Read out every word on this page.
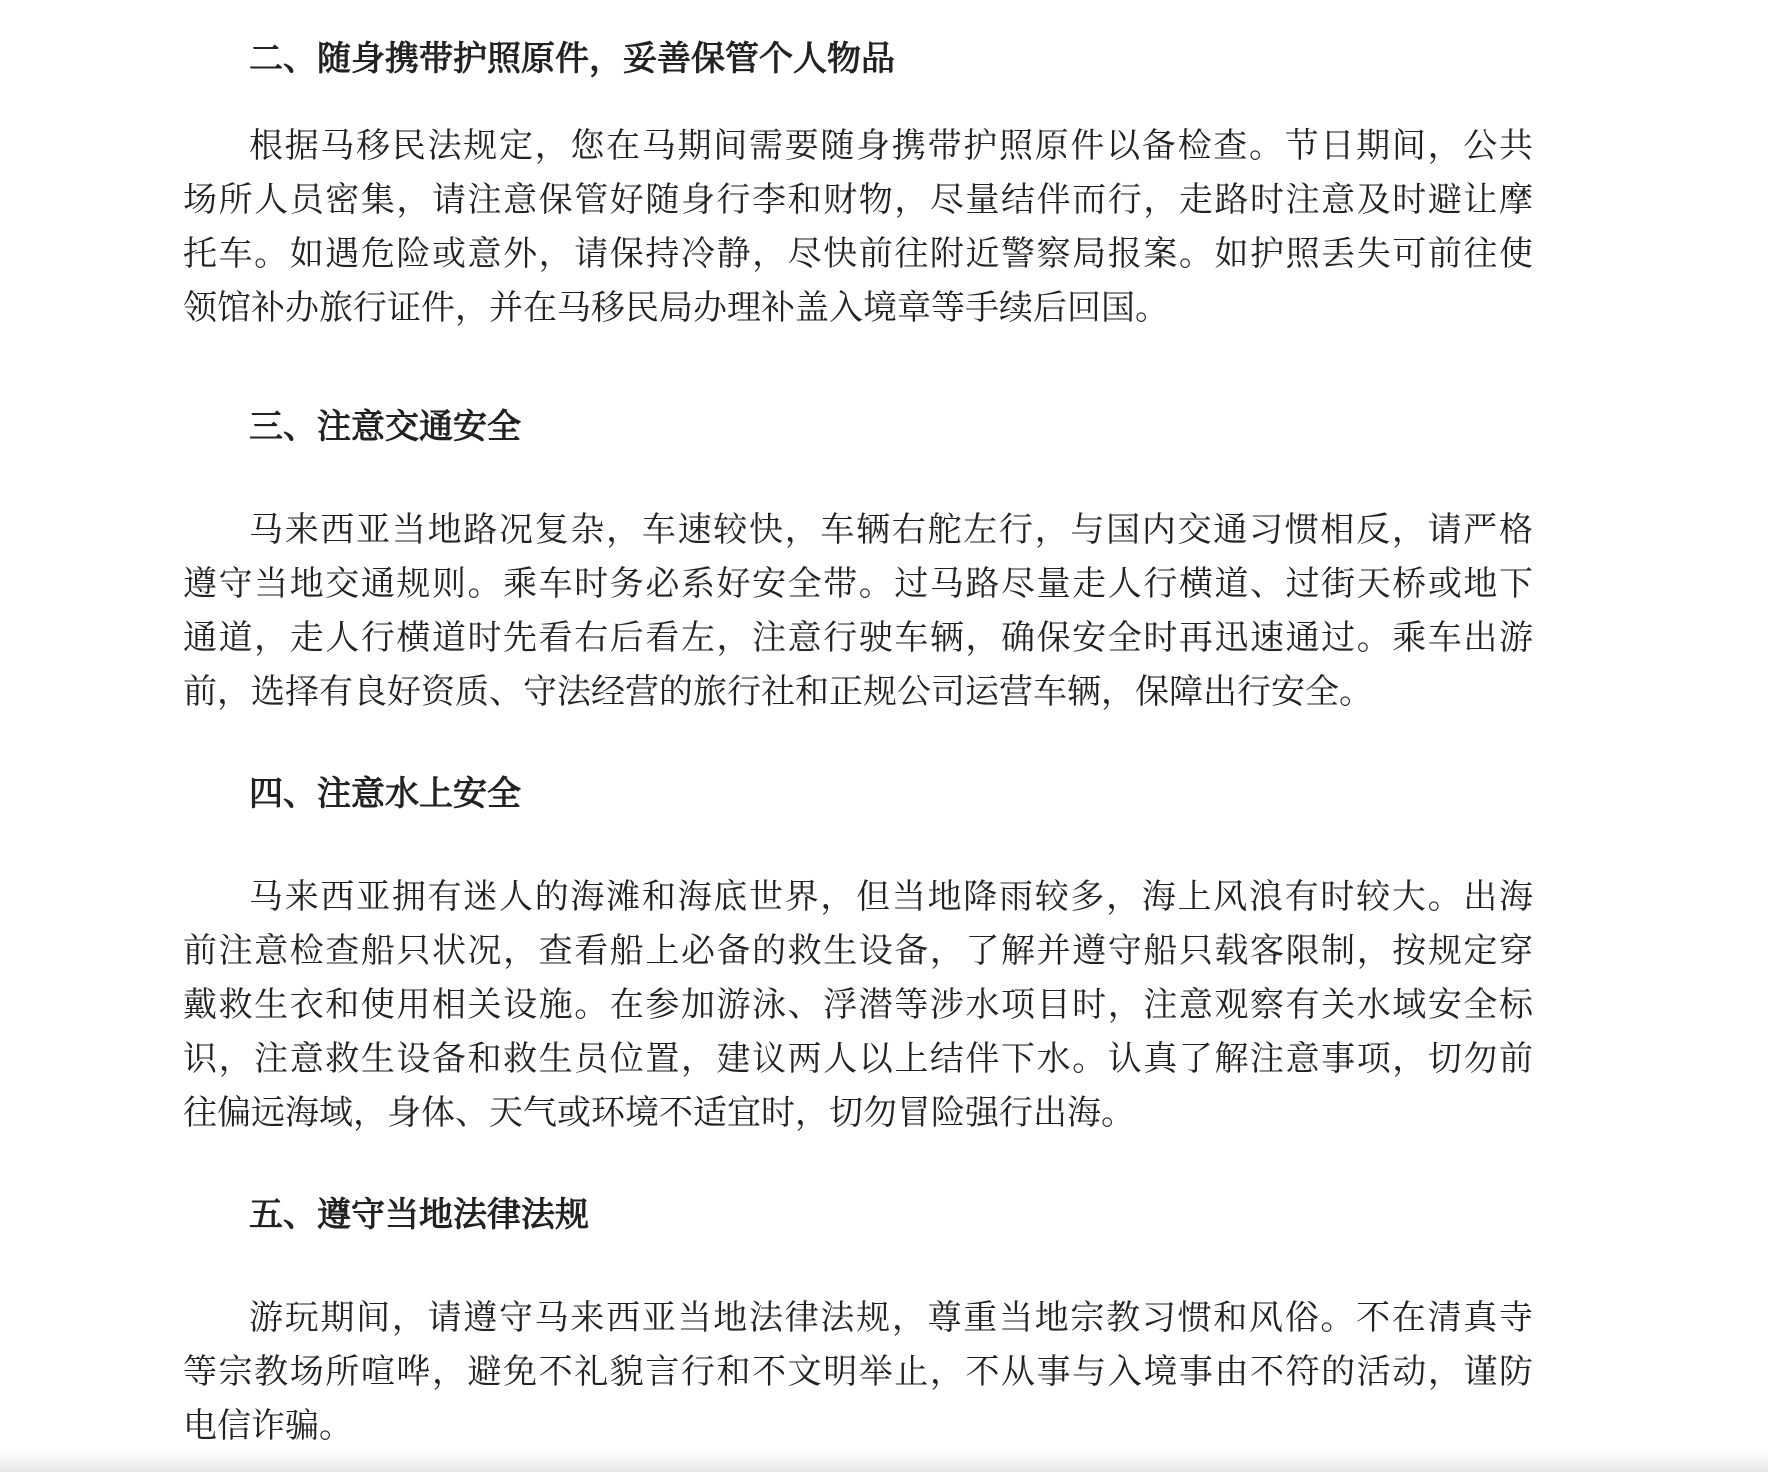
二、随身携带护照原件，妥善保管个人物品
根据马移民法规定，您在马期间需要随身携带护照原件以备检查。节日期间，公共
场所人员密集，请注意保管好随身行李和财物，尽量结伴而行，走路时注意及时避让摩
托车。如遇危险或意外，请保持冷静，尽快前往附近警察局报案。如护照丢失可前往使
领馆补办旅行证件，并在马移民局办理补盖入境章等手续后回国。
三、注意交通安全
马来西亚当地路况复杂，车速较快，车辆右舵左行，与国内交通习惯相反，请严格
遵守当地交通规则。乘车时务必系好安全带。过马路尽量走人行横道、过街天桥或地下
通道，走人行横道时先看右后看左，注意行驶车辆，确保安全时再迅速通过。乘车出游
前，选择有良好资质、守法经营的旅行社和正规公司运营车辆，保障出行安全。
四、注意水上安全
马来西亚拥有迷人的海滩和海底世界，但当地降雨较多，海上风浪有时较大。出海
前注意检查船只状况，查看船上必备的救生设备，了解并遵守船只载客限制，按规定穿
戴救生衣和使用相关设施。在参加游泳、浮潜等涉水项目时，注意观察有关水域安全标
识，注意救生设备和救生员位置，建议两人以上结伴下水。认真了解注意事项，切勿前
往偏远海域，身体、天气或环境不适宜时，切勿冒险强行出海。
五、遵守当地法律法规
游玩期间，请遵守马来西亚当地法律法规，尊重当地宗教习惯和风俗。不在清真寺
等宗教场所喧哗，避免不礼貌言行和不文明举止，不从事与入境事由不符的活动，谨防
电信诈骗。
